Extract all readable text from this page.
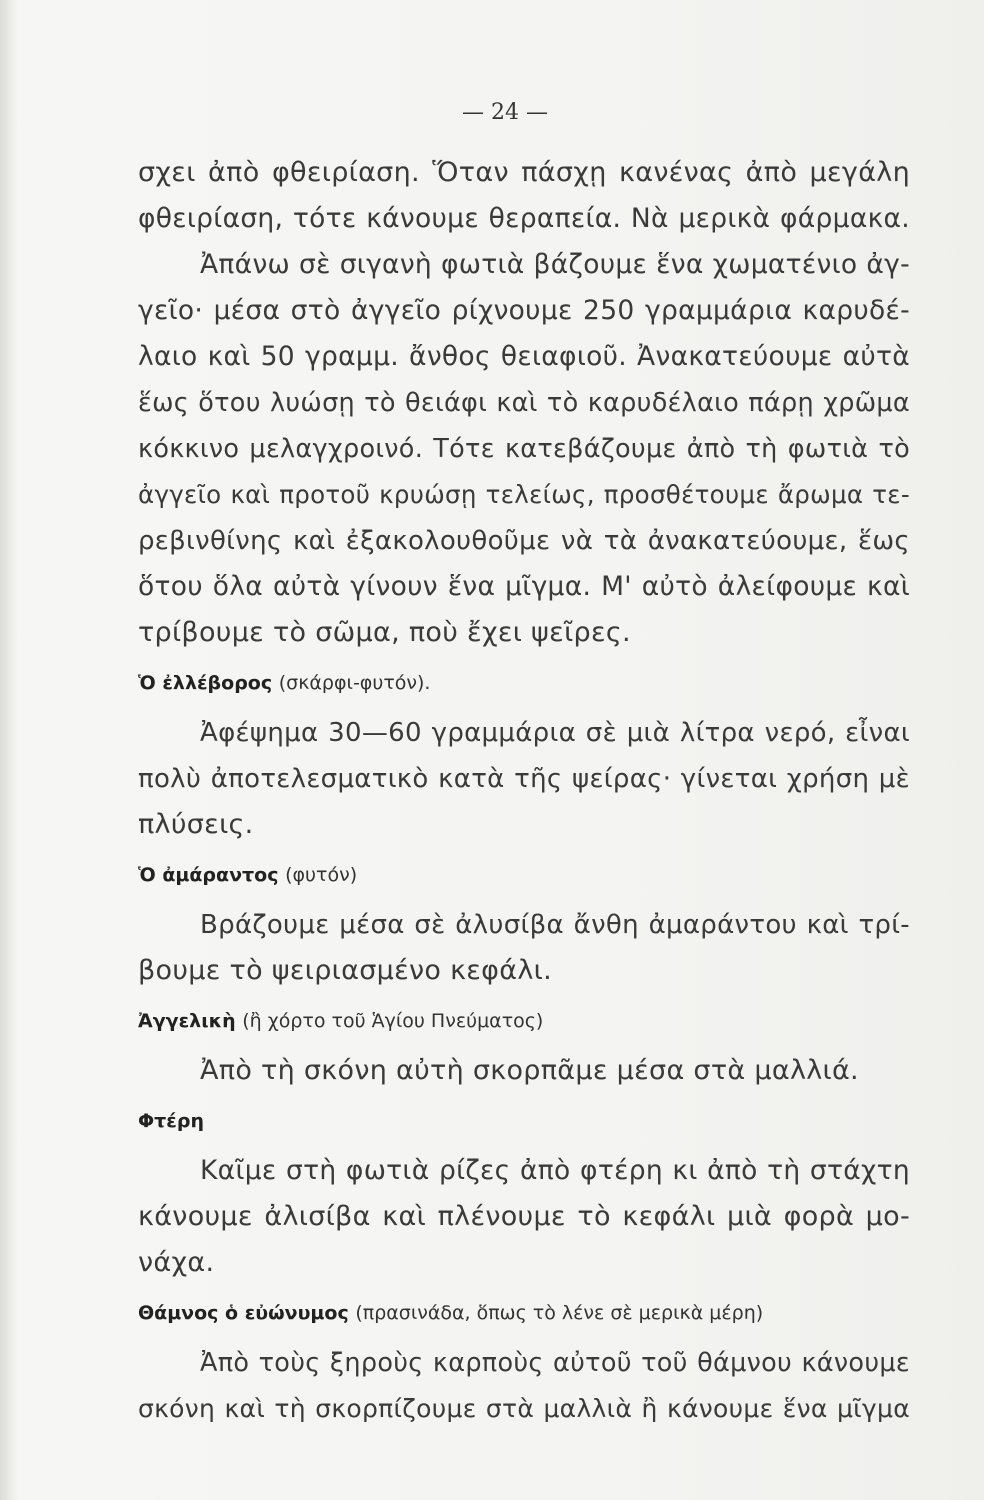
— 24 —
σχει ἀπὸ φθειρίαση. Ὅταν πάσχῃ κανένας ἀπὸ μεγάλη
φθειρίαση, τότε κάνουμε θεραπεία. Νὰ μερικὰ φάρμακα.
Ἀπάνω σὲ σιγανὴ φωτιὰ βάζουμε ἕνα χωματένιο ἀγ-
γεῖο· μέσα στὸ ἀγγεῖο ρίχνουμε 250 γραμμάρια καρυδέ-
λαιο καὶ 50 γραμμ. ἄνθος θειαφιοῦ. Ἀνακατεύουμε αὐτὰ
ἕως ὅτου λυώσῃ τὸ θειάφι καὶ τὸ καρυδέλαιο πάρῃ χρῶμα
κόκκινο μελαγχροινό. Τότε κατεβάζουμε ἀπὸ τὴ φωτιὰ τὸ
ἀγγεῖο καὶ προτοῦ κρυώσῃ τελείως, προσθέτουμε ἄρωμα τε-
ρεβινθίνης καὶ ἐξακολουθοῦμε νὰ τὰ ἀνακατεύουμε, ἕως
ὅτου ὅλα αὐτὰ γίνουν ἕνα μῖγμα. Μ' αὐτὸ ἀλείφουμε καὶ
τρίβουμε τὸ σῶμα, ποὺ ἔχει ψεῖρες.
Ὁ ἐλλέβορος (σκάρφι-φυτόν).
Ἀφέψημα 30—60 γραμμάρια σὲ μιὰ λίτρα νερό, εἶναι
πολὺ ἀποτελεσματικὸ κατὰ τῆς ψείρας· γίνεται χρήση μὲ
πλύσεις.
Ὁ ἀμάραντος (φυτόν)
Βράζουμε μέσα σὲ ἀλυσίβα ἄνθη ἀμαράντου καὶ τρί-
βουμε τὸ ψειριασμένο κεφάλι.
Ἀγγελικὴ (ἢ χόρτο τοῦ Ἁγίου Πνεύματος)
Ἀπὸ τὴ σκόνη αὐτὴ σκορπᾶμε μέσα στὰ μαλλιά.
Φτέρη
Καῖμε στὴ φωτιὰ ρίζες ἀπὸ φτέρη κι ἀπὸ τὴ στάχτη
κάνουμε ἀλισίβα καὶ πλένουμε τὸ κεφάλι μιὰ φορὰ μο-
νάχα.
Θάμνος ὁ εὐώνυμος (πρασινάδα, ὅπως τὸ λένε σὲ μερικὰ μέρη)
Ἀπὸ τοὺς ξηροὺς καρποὺς αὐτοῦ τοῦ θάμνου κάνουμε
σκόνη καὶ τὴ σκορπίζουμε στὰ μαλλιὰ ἢ κάνουμε ἕνα μῖγμα
